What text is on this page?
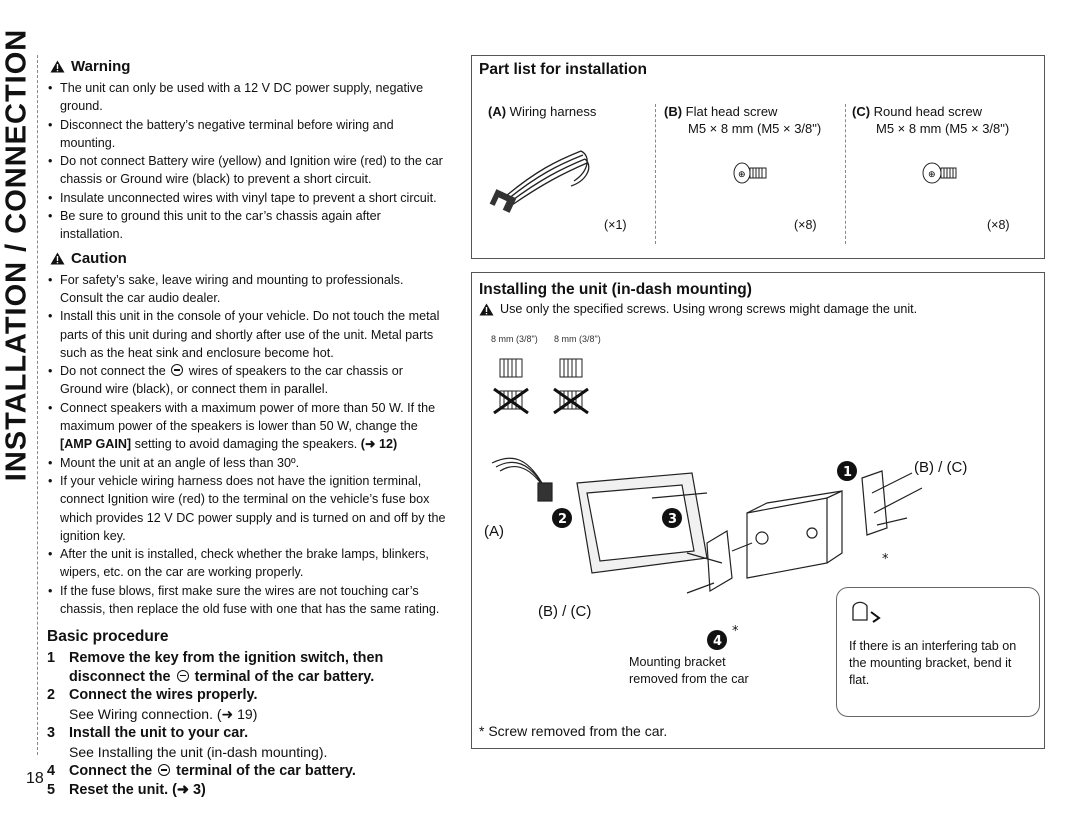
INSTALLATION / CONNECTION	Warning
• The unit can only be used with a 12 V DC power supply, negative ground.
• Disconnect the battery’s negative terminal before wiring and mounting.
• Do not connect Battery wire (yellow) and Ignition wire (red) to the car chassis or Ground wire (black) to prevent a short circuit.
• Insulate unconnected wires with vinyl tape to prevent a short circuit.
• Be sure to ground this unit to the car’s chassis again after installation.
Caution
• For safety’s sake, leave wiring and mounting to professionals. Consult the car audio dealer.
• Install this unit in the console of your vehicle. Do not touch the metal parts of this unit during and shortly after use of the unit. Metal parts such as the heat sink and enclosure become hot.
• Do not connect the wires of speakers to the car chassis or Ground wire (black), or connect them in parallel.
• Connect speakers with a maximum power of more than 50 W. If the maximum power of the speakers is lower than 50 W, change the [AMP GAIN] setting to avoid damaging the speakers. (➜ 12)
• Mount the unit at an angle of less than 30º.
• If your vehicle wiring harness does not have the ignition terminal, connect Ignition wire (red) to the terminal on the vehicle’s fuse box which provides 12 V DC power supply and is turned on and off by the ignition key.
• After the unit is installed, check whether the brake lamps, blinkers, wipers, etc. on the car are working properly.
• If the fuse blows, first make sure the wires are not touching car’s chassis, then replace the old fuse with one that has the same rating.
Basic procedure
1 Remove the key from the ignition switch, then disconnect the terminal of the car battery.
2 Connect the wires properly.
See Wiring connection. (➜ 19)
3 Install the unit to your car.
See Installing the unit (in-dash mounting).
4 Connect the terminal of the car battery.
5 Reset the unit. (➜ 3)
18
Part list for installation
(A) Wiring harness
(×1)
(B) Flat head screw
M5 × 8 mm (M5 × 3/8")
⊕
(×8)
(C) Round head screw
M5 × 8 mm (M5 × 3/8")
⊕
(×8)
Installing the unit (in-dash mounting)
Use only the specified screws. Using wrong screws might damage the unit.
8 mm (3/8") 8 mm (3/8")
(B) / (C)
(A)
(B) / (C)
2
1
3
4
*
*
Mounting bracket removed from the car
If there is an interfering tab on the mounting bracket, bend it flat.
* Screw removed from the car.
